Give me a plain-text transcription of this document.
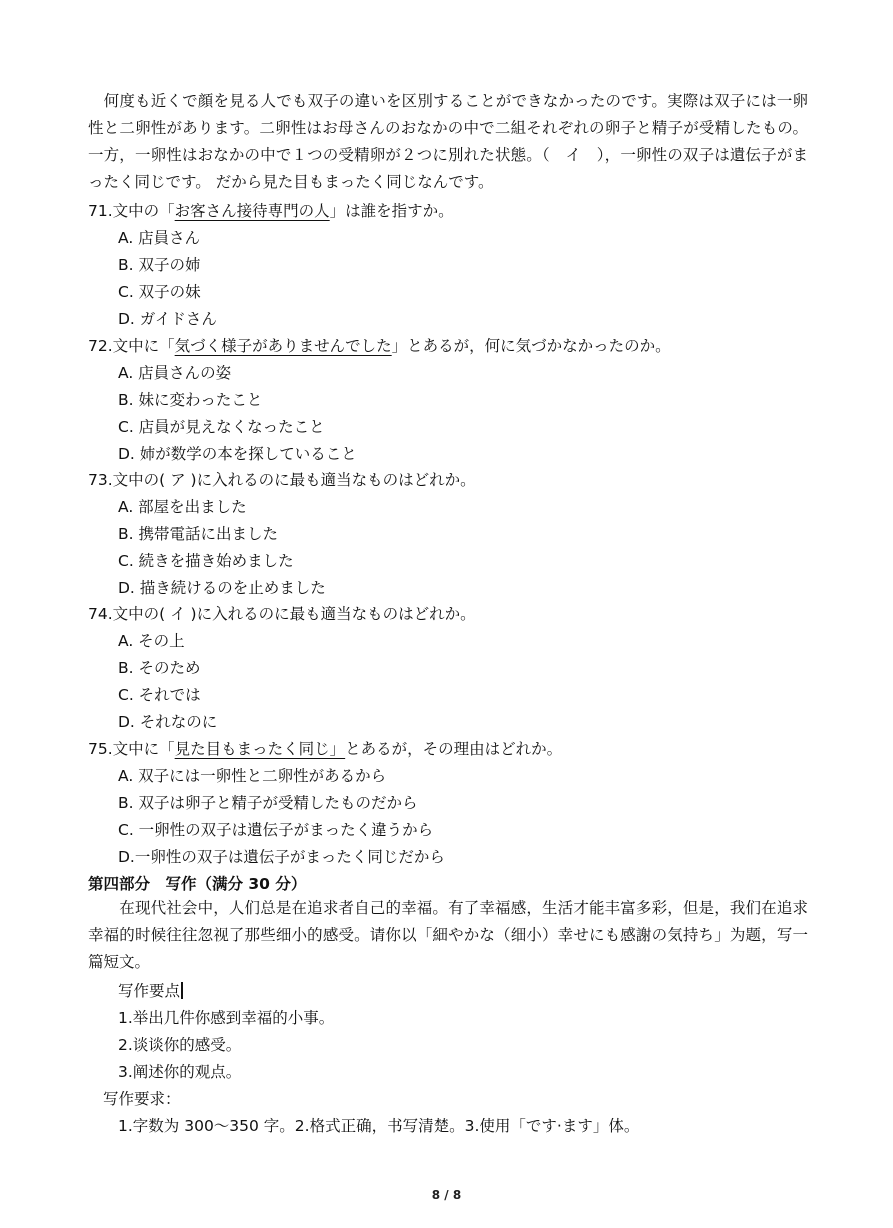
　何度も近くで顔を見る人でも双子の違いを区別することができなかったのです。実際は双子には一卵性と二卵性があります。二卵性はお母さんのおなかの中で二組それぞれの卵子と精子が受精したもの。一方，一卵性はおなかの中で１つの受精卵が２つに別れた状態。（　イ　），一卵性の双子は遺伝子がまったく同じです。 だから見た目もまったく同じなんです。

71.文中の「お客さん接待専門の人」は誰を指すか。
A. 店員さん
B. 双子の姉
C. 双子の妹
D. ガイドさん
72.文中に「気づく様子がありませんでした」とあるが，何に気づかなかったのか。
A. 店員さんの姿
B. 妹に変わったこと
C. 店員が見えなくなったこと
D. 姉が数学の本を探していること
73.文中の( ア )に入れるのに最も適当なものはどれか。
A. 部屋を出ました
B. 携帯電話に出ました
C. 続きを描き始めました
D. 描き続けるのを止めました
74.文中の( イ )に入れるのに最も適当なものはどれか。
A. その上
B. そのため
C. それでは
D. それなのに
75.文中に「見た目もまったく同じ」とあるが，その理由はどれか。
A. 双子には一卵性と二卵性があるから
B. 双子は卵子と精子が受精したものだから
C. 一卵性の双子は遺伝子がまったく違うから
D.一卵性の双子は遺伝子がまったく同じだから
第四部分　写作（满分 30 分）

　　在现代社会中，人们总是在追求者自己的幸福。有了幸福感，生活才能丰富多彩，但是，我们在追求幸福的时候往往忽视了那些细小的感受。请你以「細やかな（细小）幸せにも感謝の気持ち」为题，写一篇短文。

写作要点
1.举出几件你感到幸福的小事。
2.谈谈你的感受。
3.阐述你的观点。
写作要求：
1.字数为 300～350 字。2.格式正确，书写清楚。3.使用「です·ます」体。
8 / 8
